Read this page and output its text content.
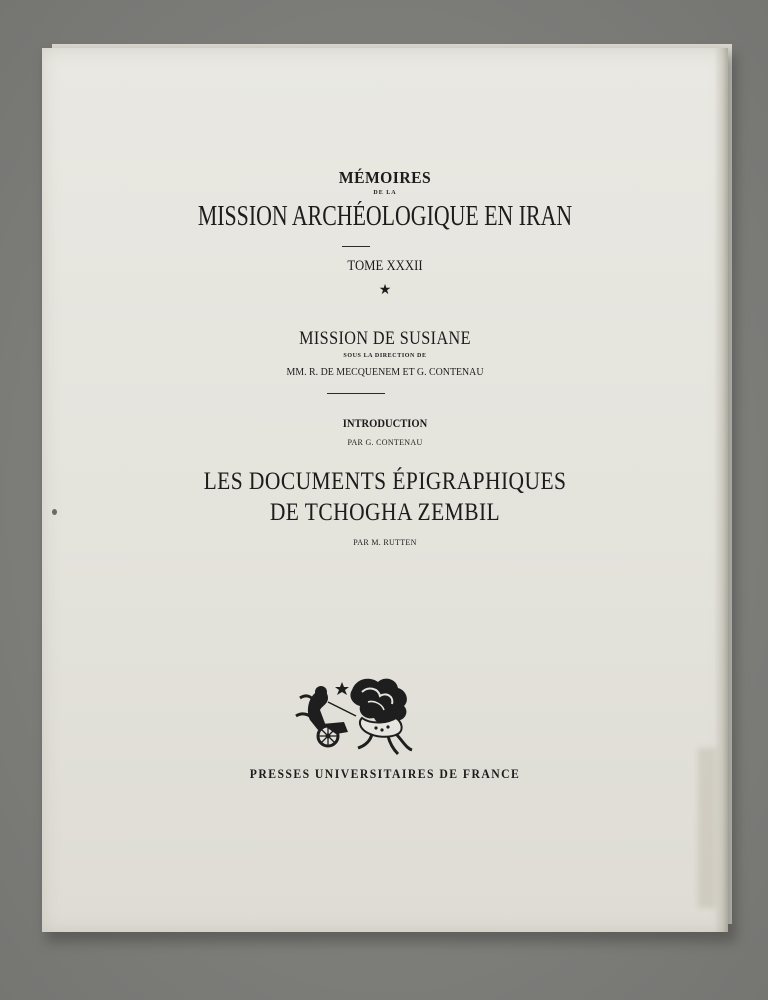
MÉMOIRES
DE LA
MISSION ARCHÉOLOGIQUE EN IRAN
TOME XXXII
★
MISSION DE SUSIANE
SOUS LA DIRECTION DE
MM. R. DE MECQUENEM ET G. CONTENAU
INTRODUCTION
PAR G. CONTENAU
LES DOCUMENTS ÉPIGRAPHIQUES
DE TCHOGHA ZEMBIL
PAR M. RUTTEN
PRESSES UNIVERSITAIRES DE FRANCE
